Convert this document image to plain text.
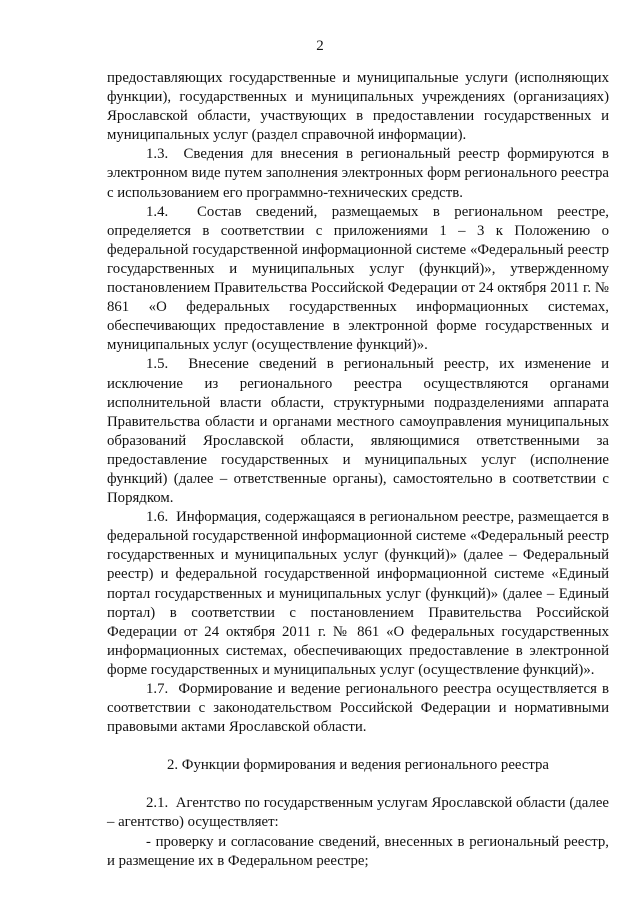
2

предоставляющих государственные и муниципальные услуги (исполняющих функции), государственных и муниципальных учреждениях (организациях) Ярославской области, участвующих в предоставлении государственных и муниципальных услуг (раздел справочной информации).

1.3.  Сведения для внесения в региональный реестр формируются в электронном виде путем заполнения электронных форм регионального реестра с использованием его программно-технических средств.

1.4.  Состав сведений, размещаемых в региональном реестре, определяется в соответствии с приложениями 1 – 3 к Положению о федеральной государственной информационной системе «Федеральный реестр государственных и муниципальных услуг (функций)», утвержденному постановлением Правительства Российской Федерации от 24 октября 2011 г. № 861 «О федеральных государственных информационных системах, обеспечивающих предоставление в электронной форме государственных и муниципальных услуг (осуществление функций)».

1.5.  Внесение сведений в региональный реестр, их изменение и исключение из регионального реестра осуществляются органами исполнительной власти области, структурными подразделениями аппарата Правительства области и органами местного самоуправления муниципальных образований Ярославской области, являющимися ответственными за предоставление государственных и муниципальных услуг (исполнение функций) (далее – ответственные органы), самостоятельно в соответствии с Порядком.

1.6.  Информация, содержащаяся в региональном реестре, размещается в федеральной государственной информационной системе «Федеральный реестр государственных и муниципальных услуг (функций)» (далее – Федеральный реестр) и федеральной государственной информационной системе «Единый портал государственных и муниципальных услуг (функций)» (далее – Единый портал) в соответствии с постановлением Правительства Российской Федерации от 24 октября 2011 г. № 861 «О федеральных государственных информационных системах, обеспечивающих предоставление в электронной форме государственных и муниципальных услуг (осуществление функций)».

1.7.  Формирование и ведение регионального реестра осуществляется в соответствии с законодательством Российской Федерации и нормативными правовыми актами Ярославской области.

2. Функции формирования и ведения регионального реестра

2.1.  Агентство по государственным услугам Ярославской области (далее – агентство) осуществляет:

- проверку и согласование сведений, внесенных в региональный реестр, и размещение их в Федеральном реестре;
